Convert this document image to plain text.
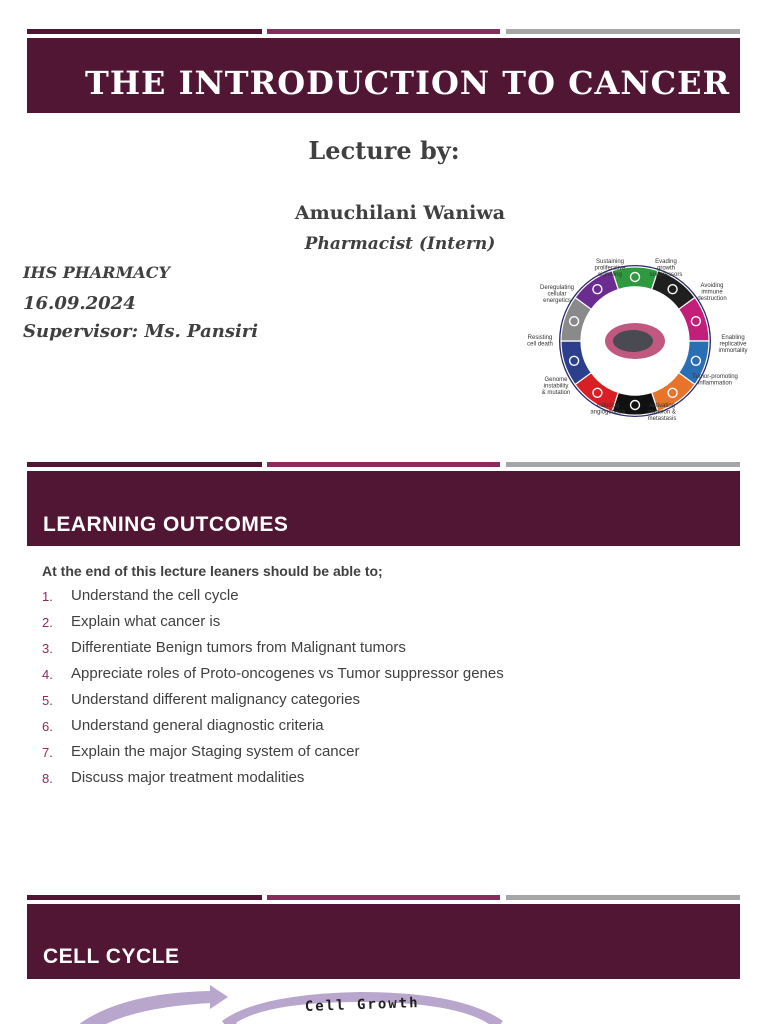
THE INTRODUCTION TO CANCER
Lecture by:
Amuchilani Waniwa
Pharmacist (Intern)
IHS PHARMACY
16.09.2024
Supervisor: Ms. Pansiri
Sustaining proliferative signaling
Evading growth suppressors
Avoiding immune destruction
Enabling replicative immortality
Tumor-promoting inflammation
Activating invasion & metastasis
Inducing angiogenesis
Genome instability & mutation
Resisting cell death
Deregulating cellular energetics
LEARNING OUTCOMES
At the end of this lecture leaners should be able to;
1.	Understand the cell cycle
2.	Explain what cancer is
3.	Differentiate Benign tumors from Malignant tumors
4.	Appreciate roles of Proto-oncogenes vs Tumor suppressor genes
5.	Understand different malignancy categories
6.	Understand general diagnostic criteria
7.	Explain the major Staging system of cancer
8.	Discuss major treatment modalities
CELL CYCLE
Cell Growth
